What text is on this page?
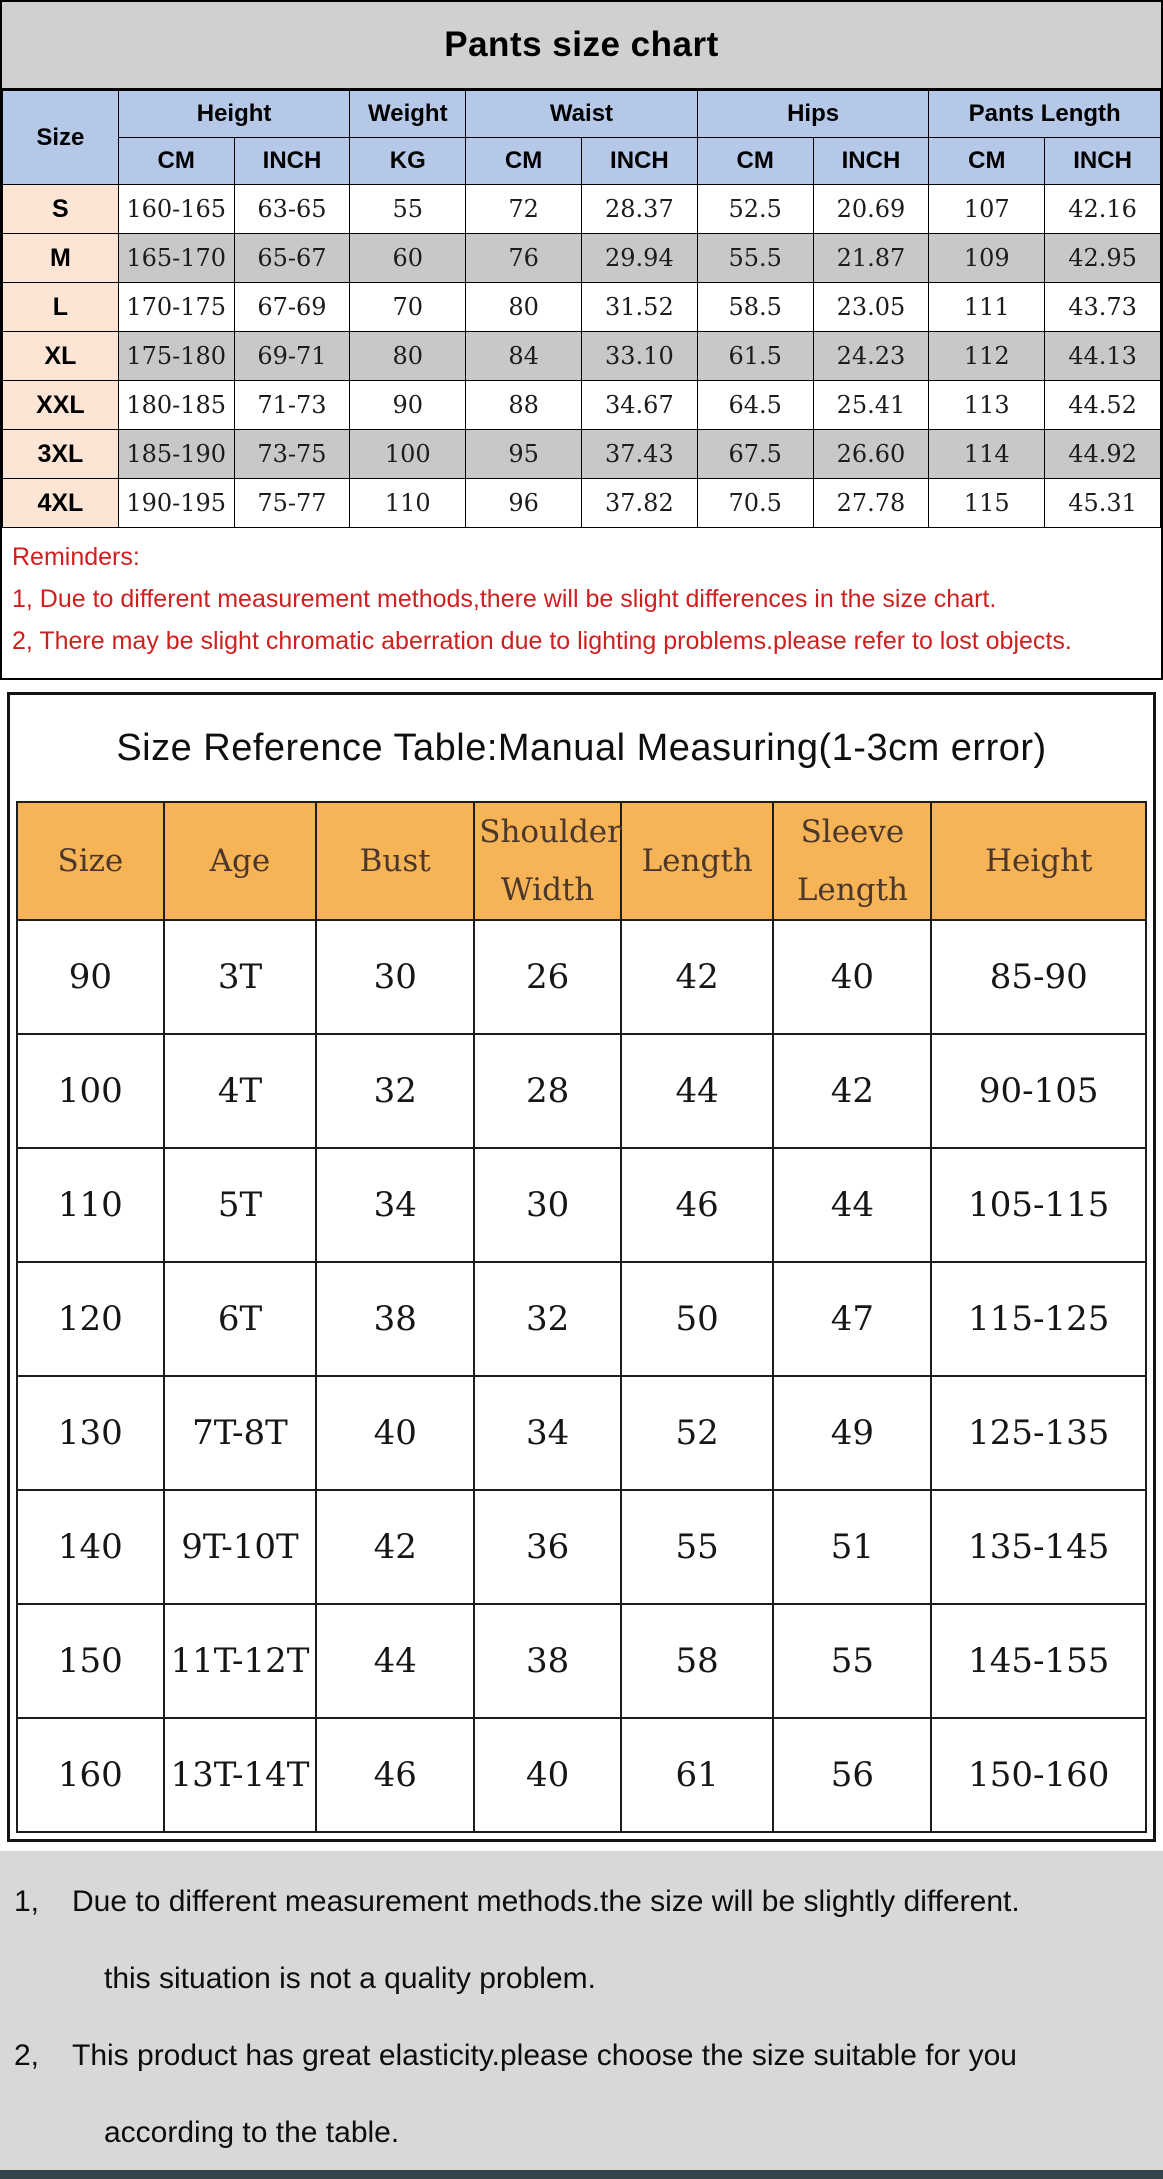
Pants size chart
Size	Height		Weight	Waist		Hips		Pants Length	
	CM	INCH	KG	CM	INCH	CM	INCH	CM	INCH
S	160-165	63-65	55	72	28.37	52.5	20.69	107	42.16
M	165-170	65-67	60	76	29.94	55.5	21.87	109	42.95
L	170-175	67-69	70	80	31.52	58.5	23.05	111	43.73
XL	175-180	69-71	80	84	33.10	61.5	24.23	112	44.13
XXL	180-185	71-73	90	88	34.67	64.5	25.41	113	44.52
3XL	185-190	73-75	100	95	37.43	67.5	26.60	114	44.92
4XL	190-195	75-77	110	96	37.82	70.5	27.78	115	45.31
Reminders:
1, Due to different measurement methods,there will be slight differences in the size chart.
2, There may be slight chromatic aberration due to lighting problems.please refer to lost objects.
Size Reference Table:Manual Measuring(1-3cm error)
Size	Age	Bust	Shoulder Width	Length	Sleeve Length	Height
90	3T	30	26	42	40	85-90
100	4T	32	28	44	42	90-105
110	5T	34	30	46	44	105-115
120	6T	38	32	50	47	115-125
130	7T-8T	40	34	52	49	125-135
140	9T-10T	42	36	55	51	135-145
150	11T-12T	44	38	58	55	145-155
160	13T-14T	46	40	61	56	150-160
1, Due to different measurement methods.the size will be slightly different.
this situation is not a quality problem.
2, This product has great elasticity.please choose the size suitable for you
according to the table.
